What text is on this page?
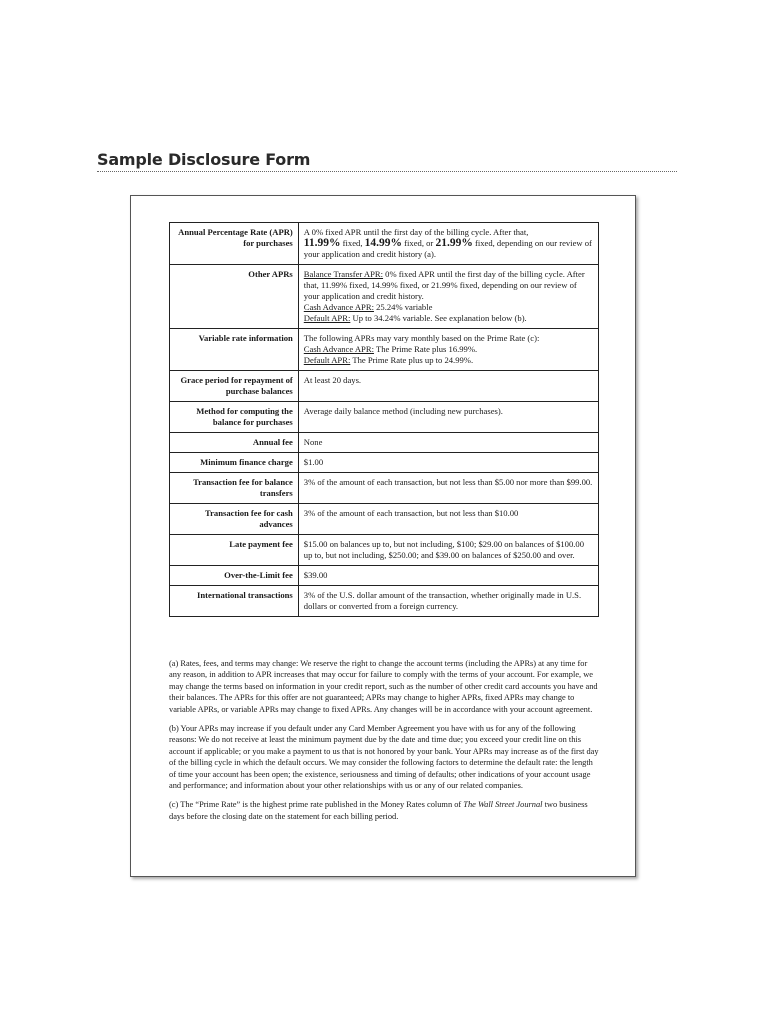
Sample Disclosure Form
Annual Percentage Rate (APR) for purchases	A 0% fixed APR until the first day of the billing cycle. After that,
11.99% fixed, 14.99% fixed, or 21.99% fixed, depending on our review of your application and credit history (a).
Other APRs	Balance Transfer APR: 0% fixed APR until the first day of the billing cycle. After that, 11.99% fixed, 14.99% fixed, or 21.99% fixed, depending on our review of your application and credit history.
Cash Advance APR: 25.24% variable
Default APR: Up to 34.24% variable. See explanation below (b).
Variable rate information	The following APRs may vary monthly based on the Prime Rate (c):
Cash Advance APR: The Prime Rate plus 16.99%.
Default APR: The Prime Rate plus up to 24.99%.
Grace period for repayment of purchase balances	At least 20 days.
Method for computing the balance for purchases	Average daily balance method (including new purchases).
Annual fee	None
Minimum finance charge	$1.00
Transaction fee for balance transfers	3% of the amount of each transaction, but not less than $5.00 nor more than $99.00.
Transaction fee for cash advances	3% of the amount of each transaction, but not less than $10.00
Late payment fee	$15.00 on balances up to, but not including, $100; $29.00 on balances of $100.00 up to, but not including, $250.00; and $39.00 on balances of $250.00 and over.
Over-the-Limit fee	$39.00
International transactions	3% of the U.S. dollar amount of the transaction, whether originally made in U.S. dollars or converted from a foreign currency.

(a) Rates, fees, and terms may change: We reserve the right to change the account terms (including the APRs) at any time for any reason, in addition to APR increases that may occur for failure to comply with the terms of your account. For example, we may change the terms based on information in your credit report, such as the number of other credit card accounts you have and their balances. The APRs for this offer are not guaranteed; APRs may change to higher APRs, fixed APRs may change to variable APRs, or variable APRs may change to fixed APRs. Any changes will be in accordance with your account agreement.

(b) Your APRs may increase if you default under any Card Member Agreement you have with us for any of the following reasons: We do not receive at least the minimum payment due by the date and time due; you exceed your credit line on this account if applicable; or you make a payment to us that is not honored by your bank. Your APRs may increase as of the first day of the billing cycle in which the default occurs. We may consider the following factors to determine the default rate: the length of time your account has been open; the existence, seriousness and timing of defaults; other indications of your account usage and performance; and information about your other relationships with us or any of our related companies.

(c) The “Prime Rate” is the highest prime rate published in the Money Rates column of The Wall Street Journal two business days before the closing date on the statement for each billing period.
